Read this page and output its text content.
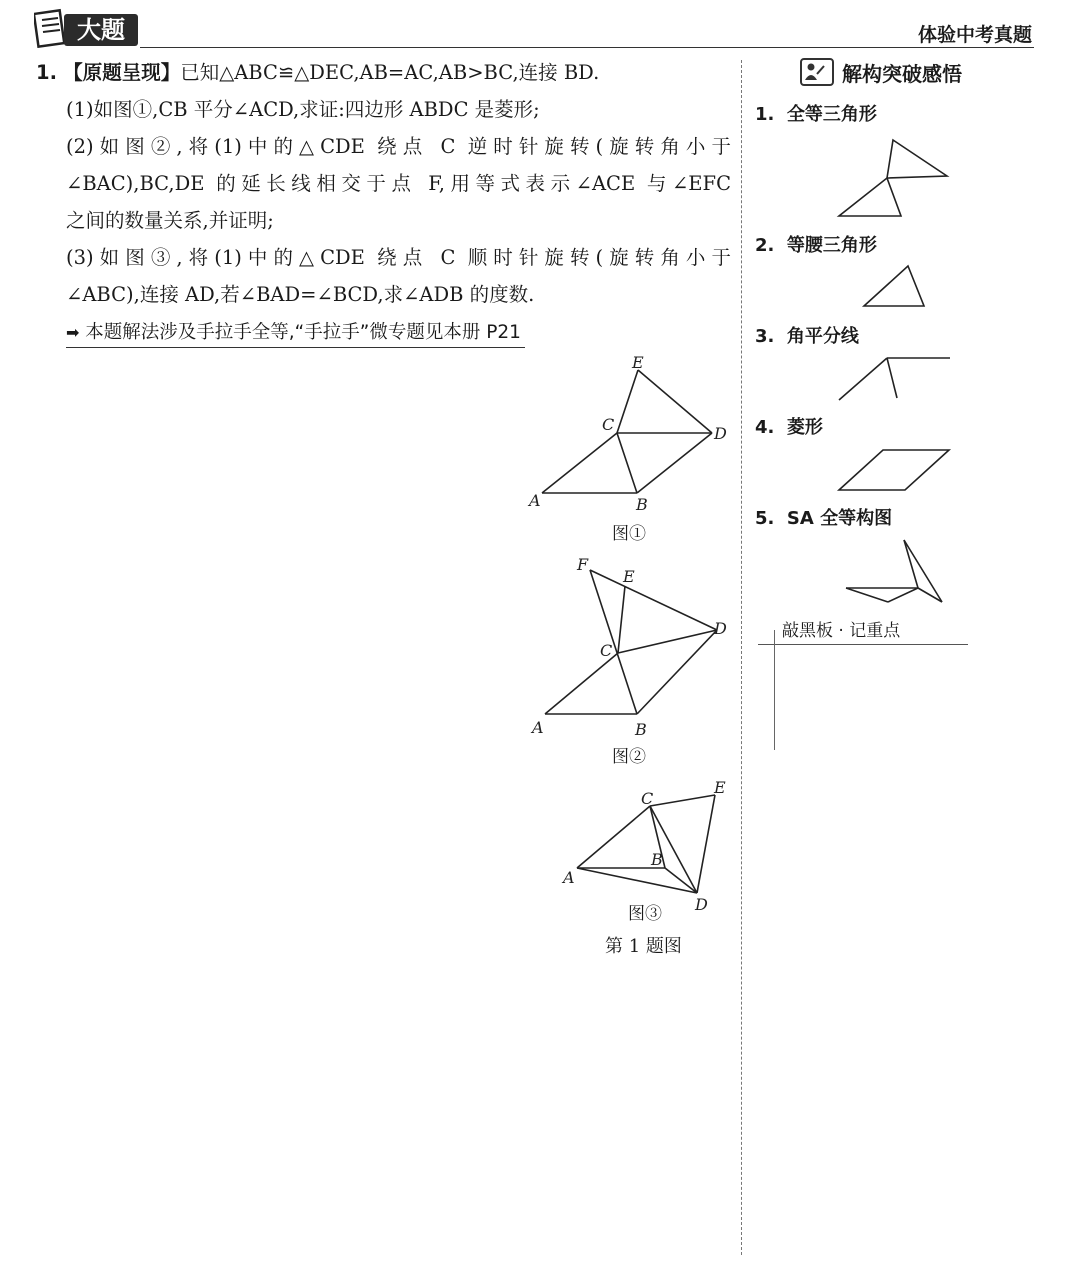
大题	体验中考真题
1. 【原题呈现】已知△ABC≌△DEC,AB=AC,AB>BC,连接 BD.
(1)如图①,CB 平分∠ACD,求证:四边形 ABDC 是菱形;
(2)如图②,将(1)中的△CDE 绕点 C 逆时针旋转(旋转角小于
∠BAC),BC,DE 的延长线相交于点 F,用等式表示∠ACE 与∠EFC
之间的数量关系,并证明;
(3)如图③,将(1)中的△CDE 绕点 C 顺时针旋转(旋转角小于
∠ABC),连接 AD,若∠BAD=∠BCD,求∠ADB 的度数.
➡ 本题解法涉及手拉手全等,“手拉手”微专题见本册 P21
E
C	D
A	B
图①
F
E
C
D
A	B
图②
C
E
B
A
D
图③
第 1 题图
解构突破感悟
1. 全等三角形
2. 等腰三角形
3. 角平分线
4. 菱形
5. SA 全等构图
敲黑板 · 记重点
